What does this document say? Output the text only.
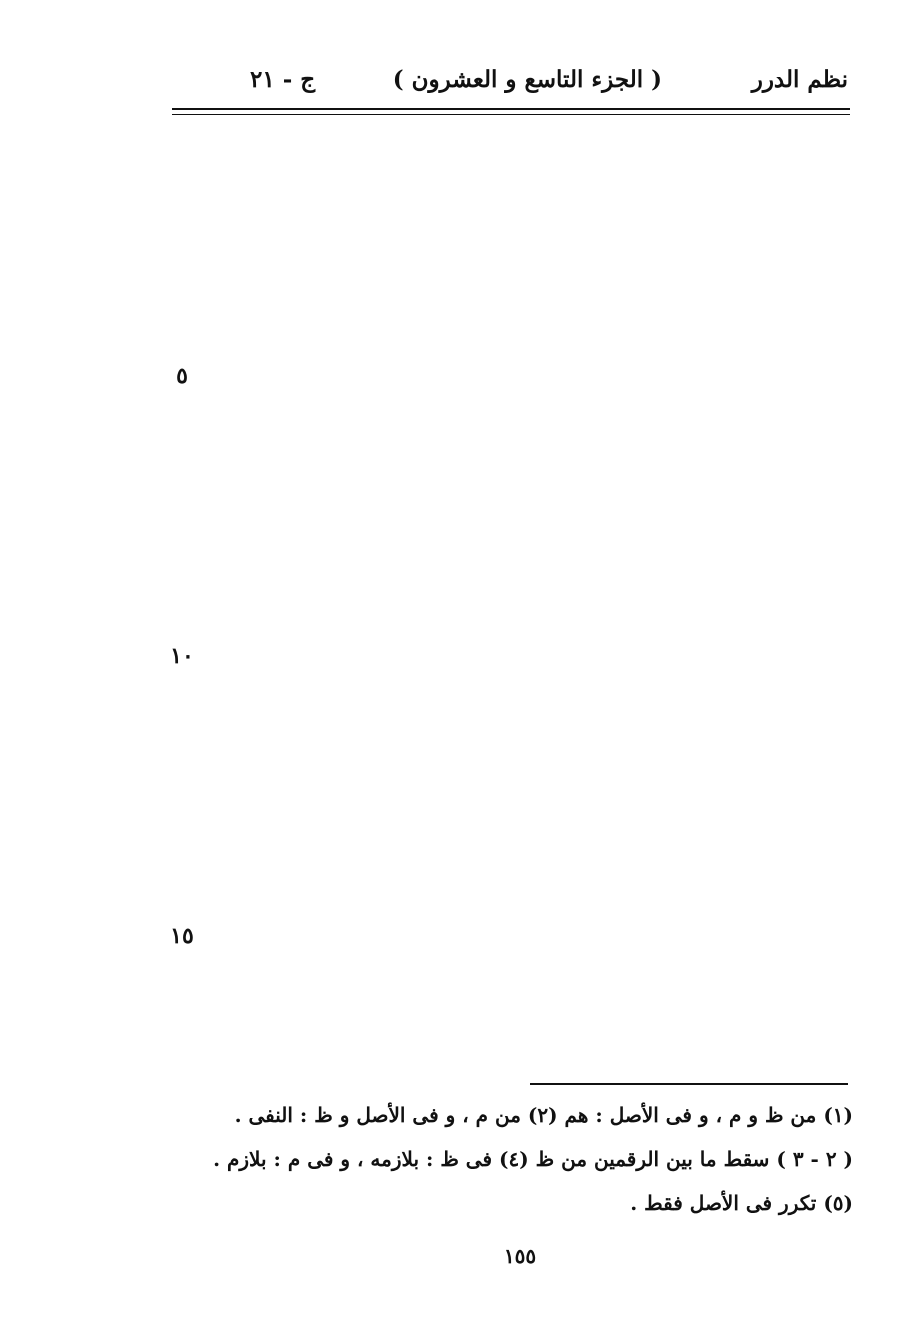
نظم الدرر
( الجزء التاسع و العشرون )
ج - ٢١
٥
١٠
١٥
(١) من ظ و م ، و فى الأصل : هم (٢) من م ، و فى الأصل و ظ : النفى .
( ٢ - ٣ ) سقط ما بين الرقمين من ظ (٤) فى ظ : بلازمه ، و فى م : بلازم .
(٥) تكرر فى الأصل فقط .
١٥٥
